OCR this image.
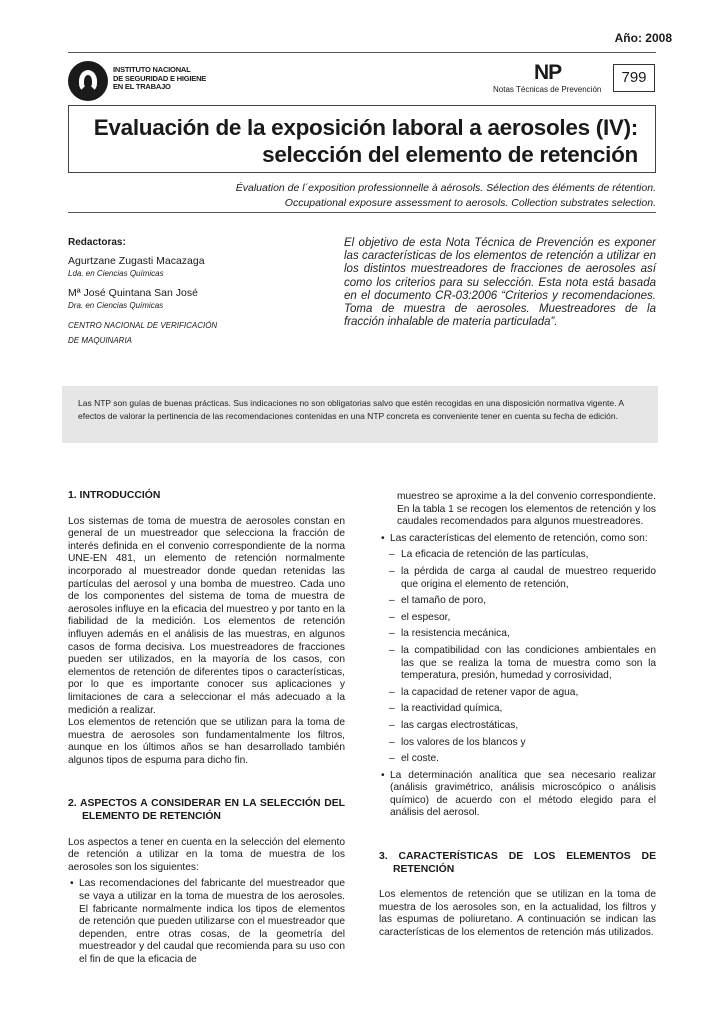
Año: 2008
INSTITUTO NACIONAL
DE SEGURIDAD E HIGIENE
EN EL TRABAJO
NP
Notas Técnicas de Prevención
799
Evaluación de la exposición laboral a aerosoles (IV):
selección del elemento de retención
Évaluation de l´exposition professionnelle à aérosols. Sélection des éléments de rétention.
Occupational exposure assessment to aerosols. Collection substrates selection.
Redactoras:
Agurtzane Zugasti Macazaga
Lda. en Ciencias Químicas
Mª José Quintana San José
Dra. en Ciencias Químicas
CENTRO NACIONAL DE VERIFICACIÓN
DE MAQUINARIA
El objetivo de esta Nota Técnica de Prevención es exponer las características de los elementos de retención a utilizar en los distintos muestreadores de fracciones de aerosoles así como los criterios para su selección. Esta nota está basada en el documento CR-03:2006 “Criterios y recomendaciones. Toma de muestra de aerosoles. Muestreadores de la fracción inhalable de materia particulada”.
Las NTP son guías de buenas prácticas. Sus indicaciones no son obligatorias salvo que estén recogidas en una disposición normativa vigente. A efectos de valorar la pertinencia de las recomendaciones contenidas en una NTP concreta es conveniente tener en cuenta su fecha de edición.
1. INTRODUCCIÓN

Los sistemas de toma de muestra de aerosoles constan en general de un muestreador que selecciona la fracción de interés definida en el convenio correspondiente de la norma UNE-EN 481, un elemento de retención normalmente incorporado al muestreador donde quedan retenidas las partículas del aerosol y una bomba de muestreo. Cada uno de los componentes del sistema de toma de muestra de aerosoles influye en la eficacia del muestreo y por tanto en la fiabilidad de la medición. Los elementos de retención influyen además en el análisis de las muestras, en algunos casos de forma decisiva. Los muestreadores de fracciones pueden ser utilizados, en la mayoría de los casos, con elementos de retención de diferentes tipos o características, por lo que es importante conocer sus aplicaciones y limitaciones de cara a seleccionar el más adecuado a la medición a realizar.

Los elementos de retención que se utilizan para la toma de muestra de aerosoles son fundamentalmente los filtros, aunque en los últimos años se han desarrollado también algunos tipos de espuma para dicho fin.

2. ASPECTOS A CONSIDERAR EN LA SELECCIÓN DEL ELEMENTO DE RETENCIÓN

Los aspectos a tener en cuenta en la selección del elemento de retención a utilizar en la toma de muestra de los aerosoles son los siguientes:

• Las recomendaciones del fabricante del muestreador que se vaya a utilizar en la toma de muestra de los aerosoles. El fabricante normalmente indica los tipos de elementos de retención que pueden utilizarse con el muestreador que dependen, entre otras cosas, de la geometría del muestreador y del caudal que recomienda para su uso con el fin de que la eficacia de

muestreo se aproxime a la del convenio correspondiente. En la tabla 1 se recogen los elementos de retención y los caudales recomendados para algunos muestreadores.

• Las características del elemento de retención, como son:
– La eficacia de retención de las partículas,
– la pérdida de carga al caudal de muestreo requerido que origina el elemento de retención,
– el tamaño de poro,
– el espesor,
– la resistencia mecánica,
– la compatibilidad con las condiciones ambientales en las que se realiza la toma de muestra como son la temperatura, presión, humedad y corrosividad,
– la capacidad de retener vapor de agua,
– la reactividad química,
– las cargas electrostáticas,
– los valores de los blancos y
– el coste.
• La determinación analítica que sea necesario realizar (análisis gravimétrico, análisis microscópico o análisis químico) de acuerdo con el método elegido para el análisis del aerosol.
3. CARACTERÍSTICAS DE LOS ELEMENTOS DE RETENCIÓN

Los elementos de retención que se utilizan en la toma de muestra de los aerosoles son, en la actualidad, los filtros y las espumas de poliuretano. A continuación se indican las características de los elementos de retención más utilizados.
